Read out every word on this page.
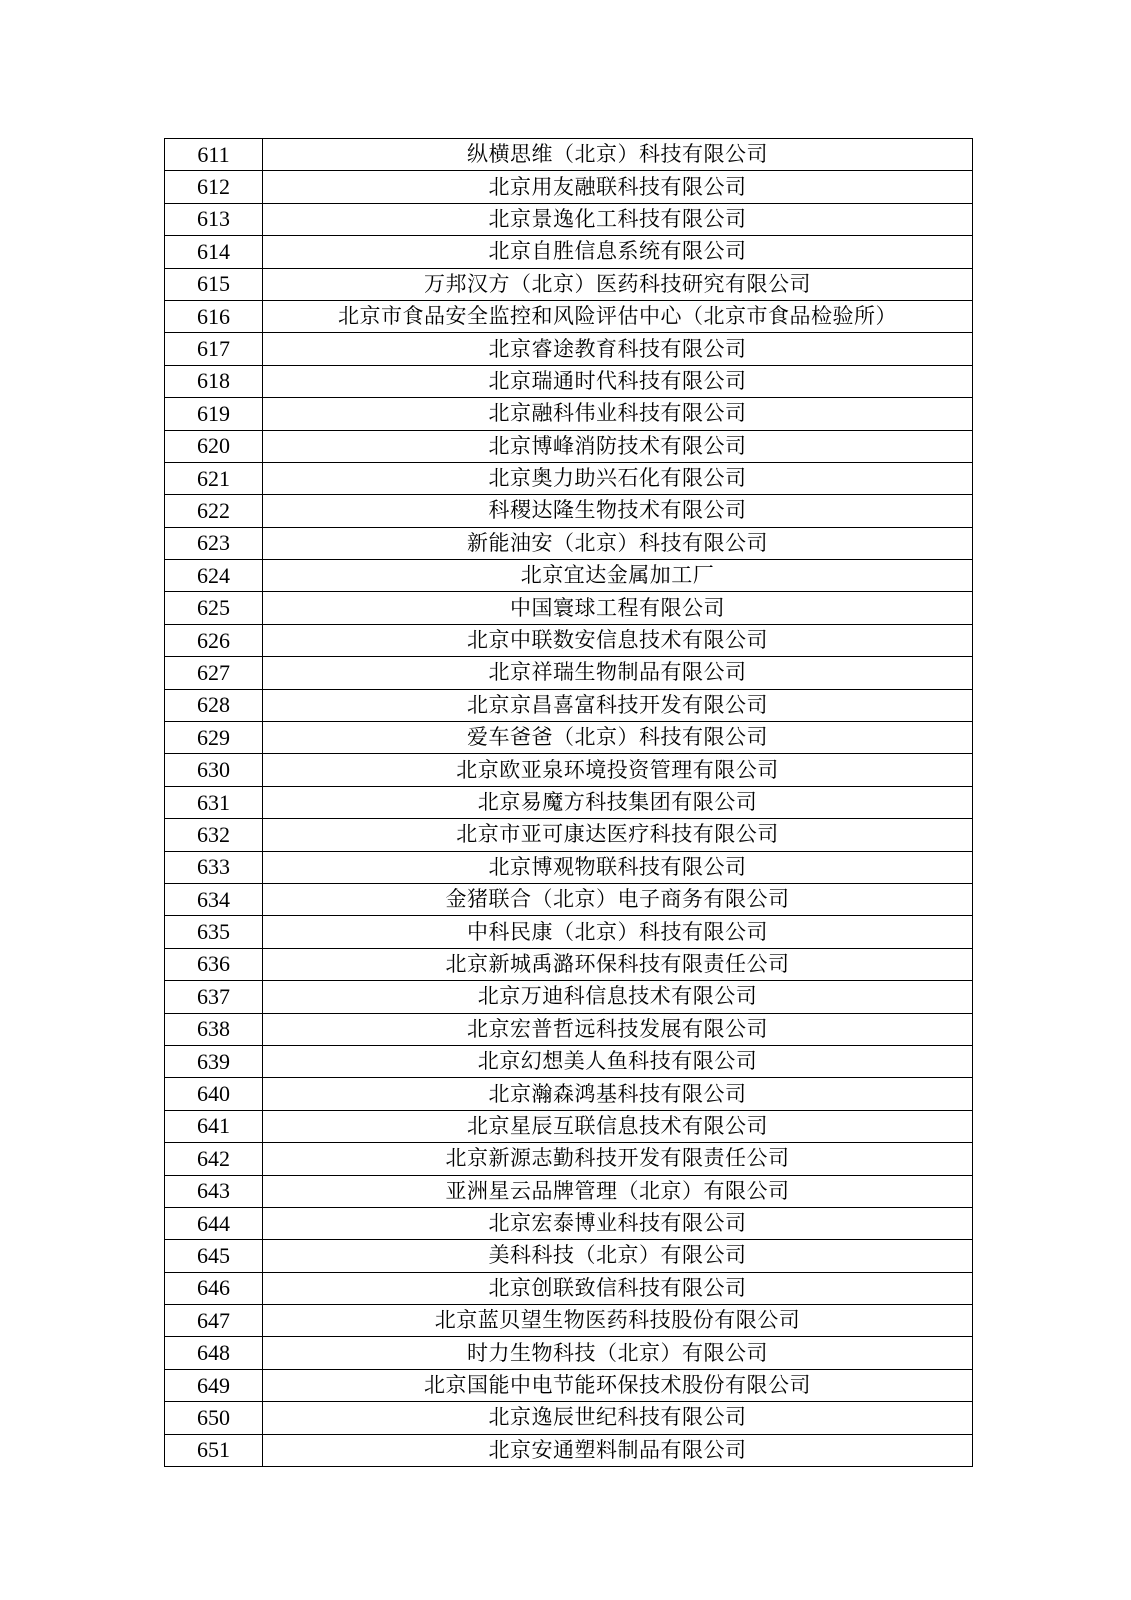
611	纵横思维（北京）科技有限公司
612	北京用友融联科技有限公司
613	北京景逸化工科技有限公司
614	北京自胜信息系统有限公司
615	万邦汉方（北京）医药科技研究有限公司
616	北京市食品安全监控和风险评估中心（北京市食品检验所）
617	北京睿途教育科技有限公司
618	北京瑞通时代科技有限公司
619	北京融科伟业科技有限公司
620	北京博峰消防技术有限公司
621	北京奥力助兴石化有限公司
622	科稷达隆生物技术有限公司
623	新能油安（北京）科技有限公司
624	北京宜达金属加工厂
625	中国寰球工程有限公司
626	北京中联数安信息技术有限公司
627	北京祥瑞生物制品有限公司
628	北京京昌喜富科技开发有限公司
629	爱车爸爸（北京）科技有限公司
630	北京欧亚泉环境投资管理有限公司
631	北京易魔方科技集团有限公司
632	北京市亚可康达医疗科技有限公司
633	北京博观物联科技有限公司
634	金猪联合（北京）电子商务有限公司
635	中科民康（北京）科技有限公司
636	北京新城禹潞环保科技有限责任公司
637	北京万迪科信息技术有限公司
638	北京宏普哲远科技发展有限公司
639	北京幻想美人鱼科技有限公司
640	北京瀚森鸿基科技有限公司
641	北京星辰互联信息技术有限公司
642	北京新源志勤科技开发有限责任公司
643	亚洲星云品牌管理（北京）有限公司
644	北京宏泰博业科技有限公司
645	美科科技（北京）有限公司
646	北京创联致信科技有限公司
647	北京蓝贝望生物医药科技股份有限公司
648	时力生物科技（北京）有限公司
649	北京国能中电节能环保技术股份有限公司
650	北京逸辰世纪科技有限公司
651	北京安通塑料制品有限公司
